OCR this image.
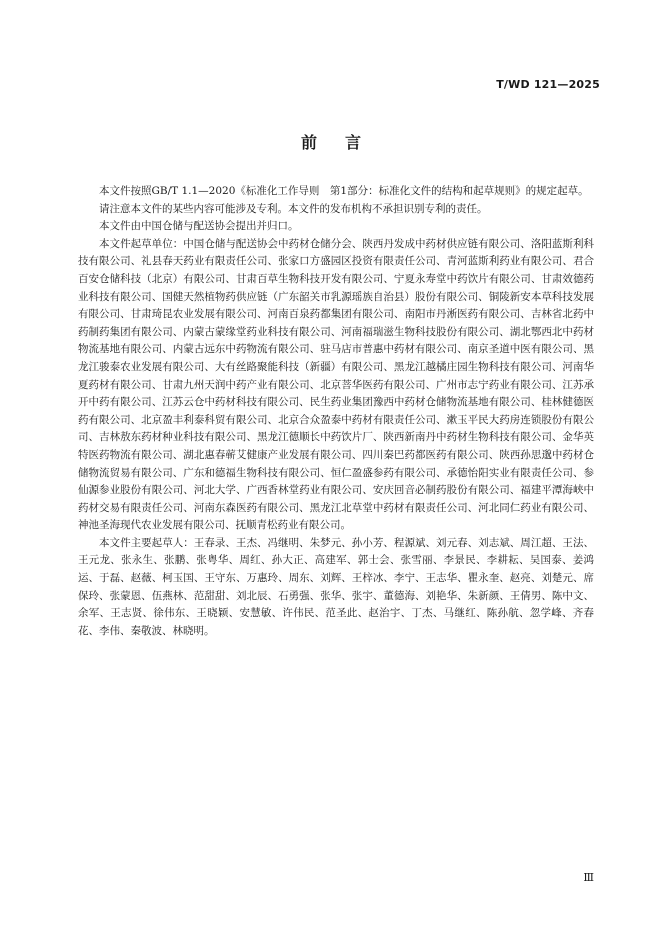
T/WD 121—2025
前言

本文件按照GB/T 1.1—2020《标准化工作导则　第1部分：标准化文件的结构和起草规则》的规定起草。

请注意本文件的某些内容可能涉及专利。本文件的发布机构不承担识别专利的责任。

本文件由中国仓储与配送协会提出并归口。

本文件起草单位：中国仓储与配送协会中药材仓储分会、陕西丹发成中药材供应链有限公司、洛阳蓝斯利科技有限公司、礼县春天药业有限责任公司、张家口方盛园区投资有限责任公司、青河蓝斯利药业有限公司、君合百安仓储科技（北京）有限公司、甘肃百草生物科技开发有限公司、宁夏永寿堂中药饮片有限公司、甘肃效德药业科技有限公司、国健天然植物药供应链（广东韶关市乳源瑶族自治县）股份有限公司、铜陵新安本草科技发展有限公司、甘肃琦昆农业发展有限公司、河南百泉药都集团有限公司、南阳市丹淅医药有限公司、吉林省北药中药制药集团有限公司、内蒙古蒙缘堂药业科技有限公司、河南福瑞滋生物科技股份有限公司、湖北鄂西北中药材物流基地有限公司、内蒙古远东中药物流有限公司、驻马店市普惠中药材有限公司、南京圣道中医有限公司、黑龙江骏泰农业发展有限公司、大有丝路聚能科技（新疆）有限公司、黑龙江越橘庄园生物科技有限公司、河南华夏药材有限公司、甘肃九州天润中药产业有限公司、北京菩华医药有限公司、广州市志宁药业有限公司、江苏承开中药有限公司、江苏云仓中药材科技有限公司、民生药业集团豫西中药材仓储物流基地有限公司、桂林健德医药有限公司、北京盈丰利泰科贸有限公司、北京合众盈泰中药材有限责任公司、漱玉平民大药房连锁股份有限公司、吉林敖东药材种业科技有限公司、黑龙江德顺长中药饮片厂、陕西新南丹中药材生物科技有限公司、金华英特医药物流有限公司、湖北惠春蕲艾健康产业发展有限公司、四川秦巴药都医药有限公司、陕西孙思邈中药材仓储物流贸易有限公司、广东和德福生物科技有限公司、恒仁盈盛参药有限公司、承德怡阳实业有限责任公司、参仙源参业股份有限公司、河北大学、广西香林堂药业有限公司、安庆回音必制药股份有限公司、福建平潭海峡中药材交易有限责任公司、河南东森医药有限公司、黑龙江北草堂中药材有限责任公司、河北同仁药业有限公司、神池圣海现代农业发展有限公司、抚顺青松药业有限公司。

本文件主要起草人：王春录、王杰、冯继明、朱梦元、孙小芳、程源斌、刘元春、刘志斌、周江超、王法、王元龙、张永生、张鹏、张粤华、周红、孙大正、高建军、郭士会、张雪丽、李景民、李耕耘、吴国泰、姜鸿运、于磊、赵薇、柯玉国、王守东、万惠玲、周东、刘辉、王梓冰、李宁、王志华、瞿永奎、赵亮、刘楚元、席保玲、张蒙恩、伍燕林、范甜甜、刘北辰、石勇强、张华、张宇、董德海、刘艳华、朱新颜、王倩男、陈中文、余军、王志贤、徐伟东、王晓颖、安慧敏、许伟民、范圣此、赵治宇、丁杰、马继红、陈孙航、忽学峰、齐春花、李伟、秦敬波、林晓明。

Ⅲ
